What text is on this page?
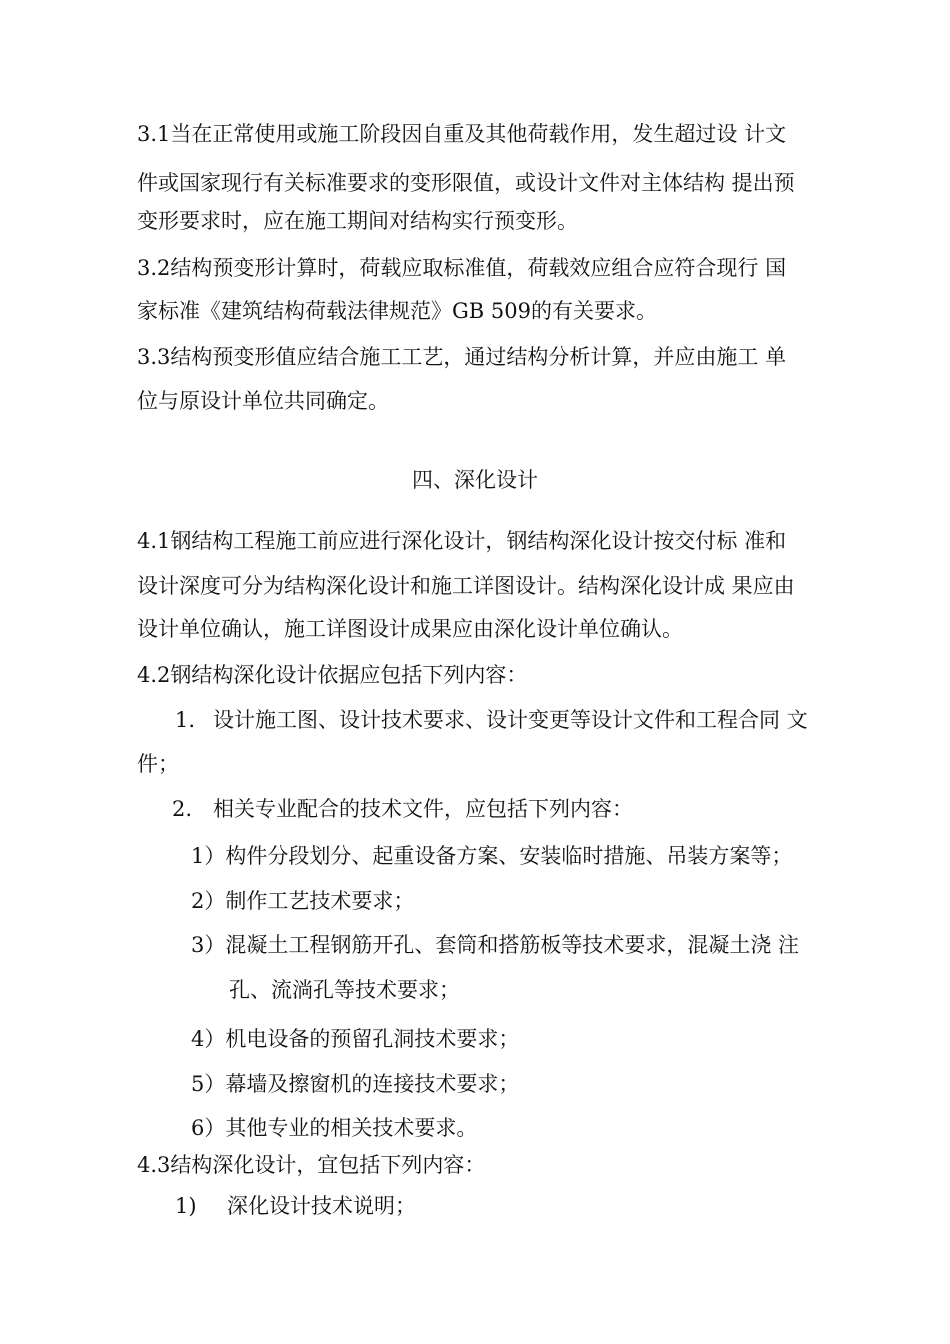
3.1当在正常使用或施工阶段因自重及其他荷载作用，发生超过设 计文
件或国家现行有关标准要求的变形限值，或设计文件对主体结构 提出预
变形要求时，应在施工期间对结构实行预变形。
3.2结构预变形计算时，荷载应取标准值，荷载效应组合应符合现行 国
家标准《建筑结构荷载法律规范》GB 509的有关要求。
3.3结构预变形值应结合施工工艺，通过结构分析计算，并应由施工 单
位与原设计单位共同确定。
四、深化设计
4.1钢结构工程施工前应进行深化设计，钢结构深化设计按交付标 准和
设计深度可分为结构深化设计和施工详图设计。结构深化设计成 果应由
设计单位确认，施工详图设计成果应由深化设计单位确认。
4.2钢结构深化设计依据应包括下列内容：
1. 设计施工图、设计技术要求、设计变更等设计文件和工程合同 文
件；
2. 相关专业配合的技术文件，应包括下列内容：
1）构件分段划分、起重设备方案、安装临时措施、吊装方案等；
2）制作工艺技术要求；
3）混凝土工程钢筋开孔、套筒和搭筋板等技术要求，混凝土浇 注
孔、流淌孔等技术要求；
4）机电设备的预留孔洞技术要求；
5）幕墙及擦窗机的连接技术要求；
6）其他专业的相关技术要求。
4.3结构深化设计，宜包括下列内容：
1) 深化设计技术说明；
